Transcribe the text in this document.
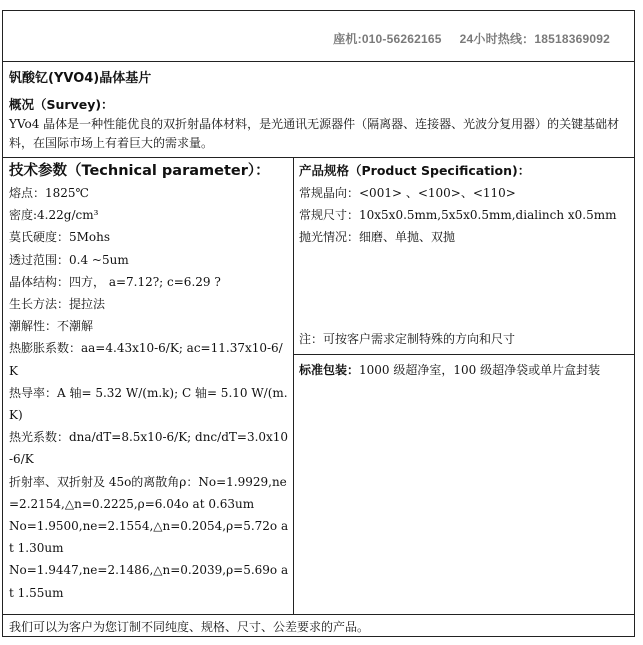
座机:010-56262165 24小时热线：18518369092
钒酸钇(YVO4)晶体基片
概况（Survey)：
YVo4 晶体是一种性能优良的双折射晶体材料，是光通讯无源器件（隔离器、连接器、光波分复用器）的关键基础材料，在国际市场上有着巨大的需求量。
技术参数（Technical parameter）：
熔点：1825℃
密度:4.22g/cm³
莫氏硬度：5Mohs
透过范围：0.4 ~5um
晶体结构：四方， a=7.12?; c=6.29 ?
生长方法：提拉法
潮解性：不潮解
热膨胀系数：aa=4.43x10-6/K; ac=11.37x10-6/K
热导率：A 轴= 5.32 W/(m.k); C 轴= 5.10 W/(m.K)
热光系数：dna/dT=8.5x10-6/K; dnc/dT=3.0x10-6/K
折射率、双折射及 45o的离散角ρ：No=1.9929,ne=2.2154,△n=0.2225,ρ=6.04o at 0.63um
No=1.9500,ne=2.1554,△n=0.2054,ρ=5.72o at 1.30um
No=1.9447,ne=2.1486,△n=0.2039,ρ=5.69o at 1.55um
产品规格（Product Specification)：
常规晶向：<001> 、<100>、<110>
常规尺寸：10x5x0.5mm,5x5x0.5mm,dialinch x0.5mm
抛光情况：细磨、单抛、双抛
注：可按客户需求定制特殊的方向和尺寸
标准包装：1000 级超净室，100 级超净袋或单片盒封装
我们可以为客户为您订制不同纯度、规格、尺寸、公差要求的产品。
